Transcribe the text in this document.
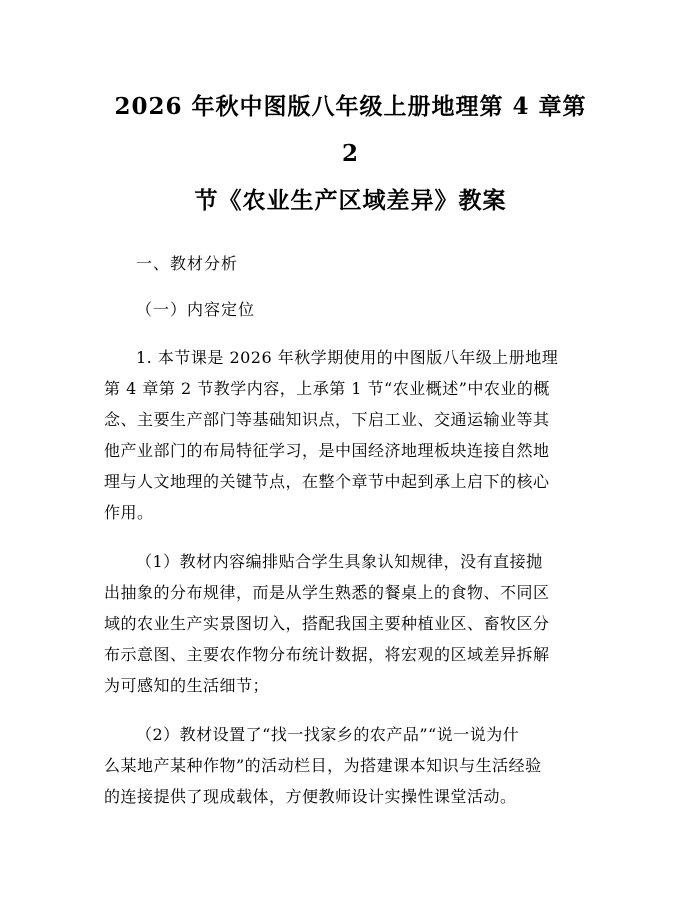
2026 年秋中图版八年级上册地理第 4 章第 2
节《农业生产区域差异》教案
一、教材分析
（一）内容定位
1. 本节课是 2026 年秋学期使用的中图版八年级上册地理
第 4 章第 2 节教学内容，上承第 1 节“农业概述”中农业的概
念、主要生产部门等基础知识点，下启工业、交通运输业等其
他产业部门的布局特征学习，是中国经济地理板块连接自然地
理与人文地理的关键节点，在整个章节中起到承上启下的核心
作用。
（1）教材内容编排贴合学生具象认知规律，没有直接抛
出抽象的分布规律，而是从学生熟悉的餐桌上的食物、不同区
域的农业生产实景图切入，搭配我国主要种植业区、畜牧区分
布示意图、主要农作物分布统计数据，将宏观的区域差异拆解
为可感知的生活细节；
（2）教材设置了“找一找家乡的农产品”“说一说为什
么某地产某种作物”的活动栏目，为搭建课本知识与生活经验
的连接提供了现成载体，方便教师设计实操性课堂活动。
